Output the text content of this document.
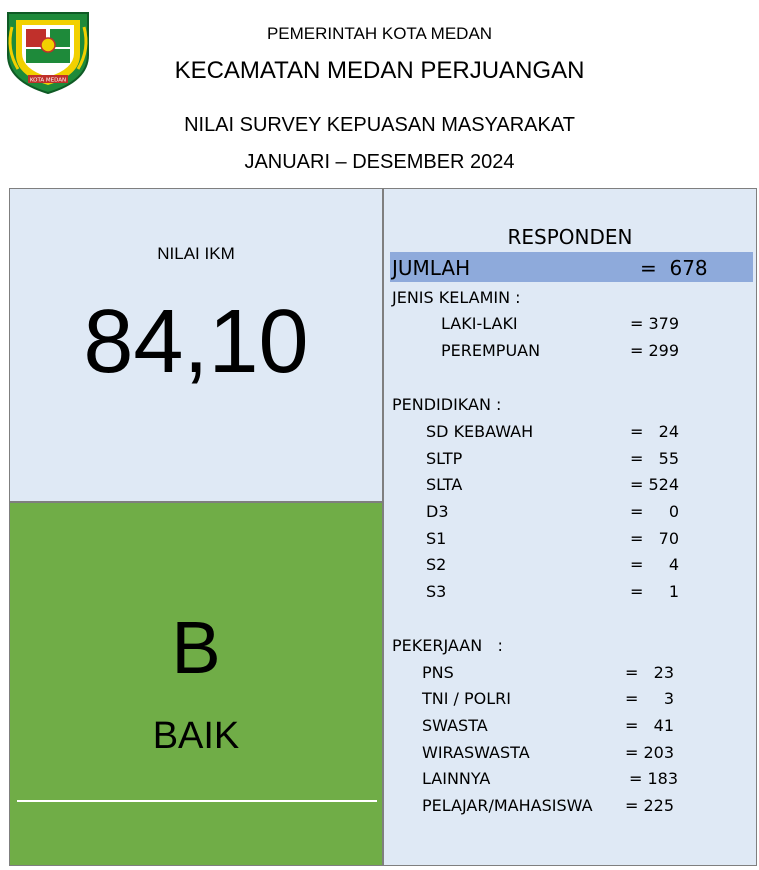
KOTA MEDAN
PEMERINTAH KOTA MEDAN
KECAMATAN MEDAN PERJUANGAN
NILAI SURVEY KEPUASAN MASYARAKAT
JANUARI – DESEMBER 2024
NILAI IKM
84,10
B
BAIK
RESPONDEN
JUMLAH	=  678
JENIS KELAMIN :
LAKI-LAKI	= 379
PEREMPUAN	= 299
PENDIDIKAN :
SD KEBAWAH	=   24
SLTP	=   55
SLTA	= 524
D3	=     0
S1	=   70
S2	=     4
S3	=     1
PEKERJAAN   :
PNS	=   23
TNI / POLRI	=     3
SWASTA	=   41
WIRASWASTA	= 203
LAINNYA	= 183
PELAJAR/MAHASISWA = 225
